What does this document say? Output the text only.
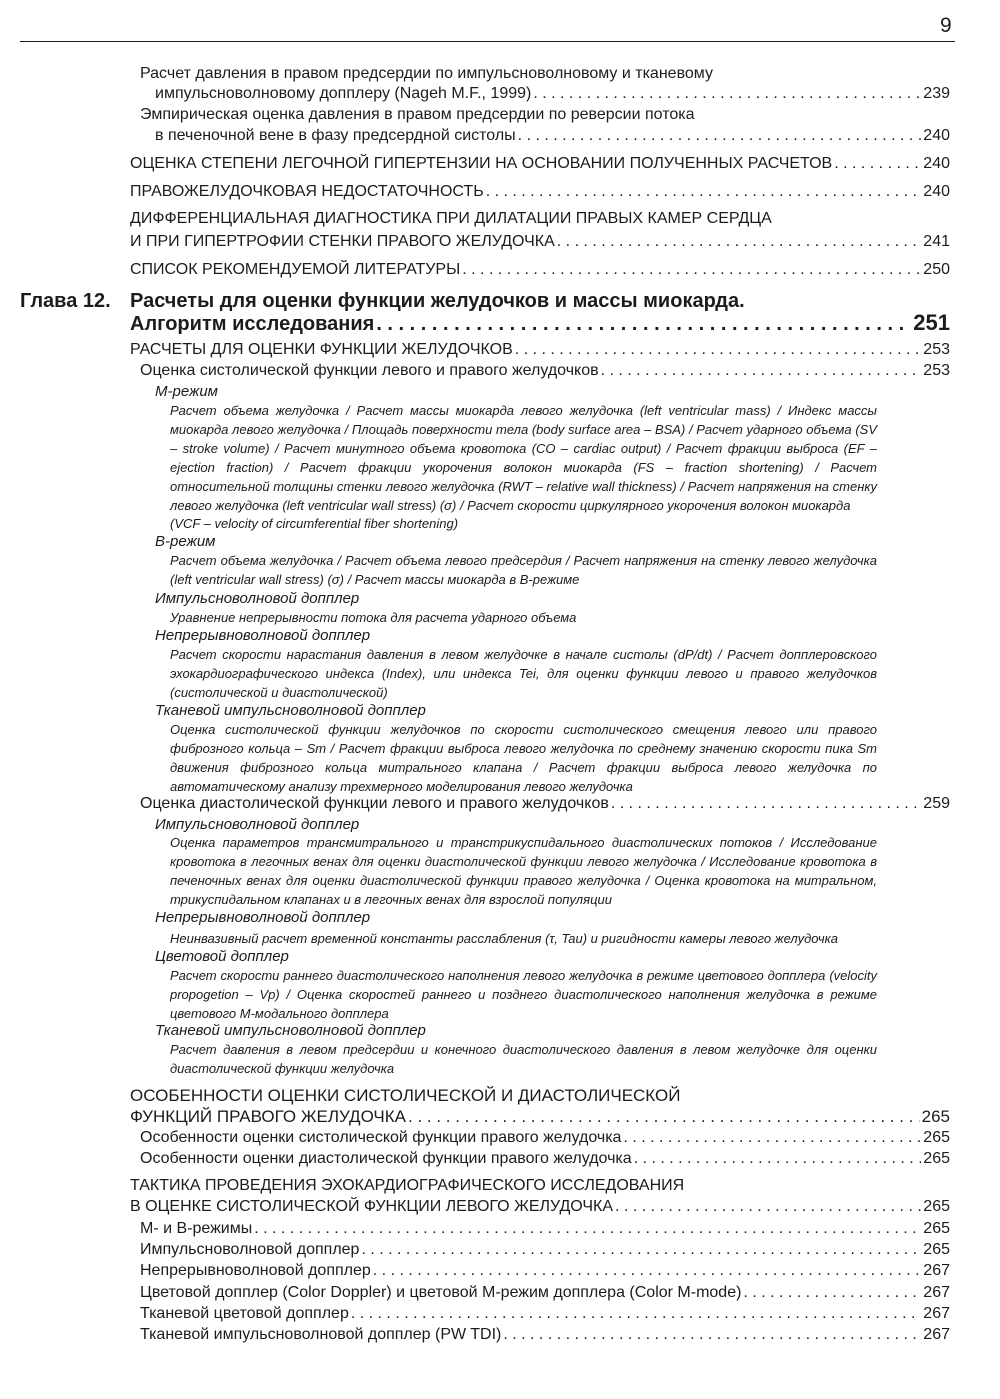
9
Расчет давления в правом предсердии по импульсноволновому и тканевому
импульсноволновому допплеру (Nageh M.F., 1999) . . .	239
Эмпирическая оценка давления в правом предсердии по реверсии потока
в печеночной вене в фазу предсердной систолы . . .	240
ОЦЕНКА СТЕПЕНИ ЛЕГОЧНОЙ ГИПЕРТЕНЗИИ НА ОСНОВАНИИ ПОЛУЧЕННЫХ РАСЧЕТОВ . . .	240
ПРАВОЖЕЛУДОЧКОВАЯ НЕДОСТАТОЧНОСТЬ . . .	240
ДИФФЕРЕНЦИАЛЬНАЯ ДИАГНОСТИКА ПРИ ДИЛАТАЦИИ ПРАВЫХ КАМЕР СЕРДЦА
И ПРИ ГИПЕРТРОФИИ СТЕНКИ ПРАВОГО ЖЕЛУДОЧКА . . .	241
СПИСОК РЕКОМЕНДУЕМОЙ ЛИТЕРАТУРЫ . . .	250
Глава 12. Расчеты для оценки функции желудочков и массы миокарда.
Алгоритм исследования . . .	251
РАСЧЕТЫ ДЛЯ ОЦЕНКИ ФУНКЦИИ ЖЕЛУДОЧКОВ . . .	253
Оценка систолической функции левого и правого желудочков . . .	253
М-режим
Расчет объема желудочка / Расчет массы миокарда левого желудочка (left ventricular mass) / Индекс массы миокарда левого желудочка / Площадь поверхности тела (body surface area – BSA) / Расчет ударного объема (SV – stroke volume) / Расчет минутного объема кровотока (CO – cardiac output) / Расчет фракции выброса (EF – ejection fraction) / Расчет фракции укорочения волокон миокарда (FS – fraction shortening) / Расчет относительной толщины стенки левого желудочка (RWT – relative wall thickness) / Расчет напряжения на стенку левого желудочка (left ventricular wall stress) (σ) / Расчет скорости циркулярного укорочения волокон миокарда
(VCF – velocity of circumferential fiber shortening)
В-режим
Расчет объема желудочка / Расчет объема левого предсердия / Расчет напряжения на стенку левого желудочка (left ventricular wall stress) (σ) / Расчет массы миокарда в В-режиме
Импульсноволновой допплер
Уравнение непрерывности потока для расчета ударного объема
Непрерывноволновой допплер
Расчет скорости нарастания давления в левом желудочке в начале систолы (dP/dt) / Расчет допплеровского эхокардиографического индекса (Index), или индекса Tei, для оценки функции левого и правого желудочков (систолической и диастолической)
Тканевой импульсноволновой допплер
Оценка систолической функции желудочков по скорости систолического смещения левого или правого фиброзного кольца – Sm / Расчет фракции выброса левого желудочка по среднему значению скорости пика Sm движения фиброзного кольца митрального клапана / Расчет фракции выброса левого желудочка по автоматическому анализу трехмерного моделирования левого желудочка
Оценка диастолической функции левого и правого желудочков . . .	259
Импульсноволновой допплер
Оценка параметров трансмитрального и транстрикуспидального диастолических потоков / Исследование кровотока в легочных венах для оценки диастолической функции левого желудочка / Исследование кровотока в печеночных венах для оценки диастолической функции правого желудочка / Оценка кровотока на митральном, трикуспидальном клапанах и в легочных венах для взрослой популяции
Непрерывноволновой допплер
Неинвазивный расчет временной константы расслабления (τ, Tau) и ригидности камеры левого желудочка
Цветовой допплер
Расчет скорости раннего диастолического наполнения левого желудочка в режиме цветового допплера (velocity propogetion – Vp) / Оценка скоростей раннего и позднего диастолического наполнения желудочка в режиме цветового М-модального допплера
Тканевой импульсноволновой допплер
Расчет давления в левом предсердии и конечного диастолического давления в левом желудочке для оценки диастолической функции желудочка
ОСОБЕННОСТИ ОЦЕНКИ СИСТОЛИЧЕСКОЙ И ДИАСТОЛИЧЕСКОЙ
ФУНКЦИЙ ПРАВОГО ЖЕЛУДОЧКА . . .	265
Особенности оценки систолической функции правого желудочка . . .	265
Особенности оценки диастолической функции правого желудочка . . .	265
ТАКТИКА ПРОВЕДЕНИЯ ЭХОКАРДИОГРАФИЧЕСКОГО ИССЛЕДОВАНИЯ
В ОЦЕНКЕ СИСТОЛИЧЕСКОЙ ФУНКЦИИ ЛЕВОГО ЖЕЛУДОЧКА . . .	265
М- и В-режимы . . .	265
Импульсноволновой допплер . . .	265
Непрерывноволновой допплер . . .	267
Цветовой допплер (Color Doppler) и цветовой М-режим допплера (Color M-mode) . . .	267
Тканевой цветовой допплер . . .	267
Тканевой импульсноволновой допплер (PW TDI) . . .	267
